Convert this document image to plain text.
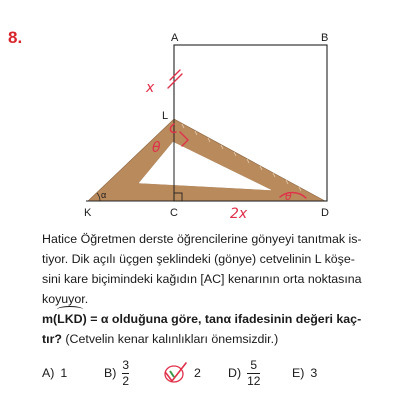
8.	A	B
L
K	C	D
α
x
θ
2x
θ
Hatice Öğretmen derste öğrencilerine gönyeyi tanıtmak is-
tiyor. Dik açılı üçgen şeklindeki (gönye) cetvelinin L köşe-
sini kare biçimindeki kağıdın [AC] kenarının orta noktasına
koyuyor.
m(LKD) = α olduğuna göre, tanα ifadesinin değeri kaç-
tır? (Cetvelin kenar kalınlıkları önemsizdir.)
A) 1	$B) \frac{3}{2}$	2 $D) \frac{5}{12}$	E) 3
